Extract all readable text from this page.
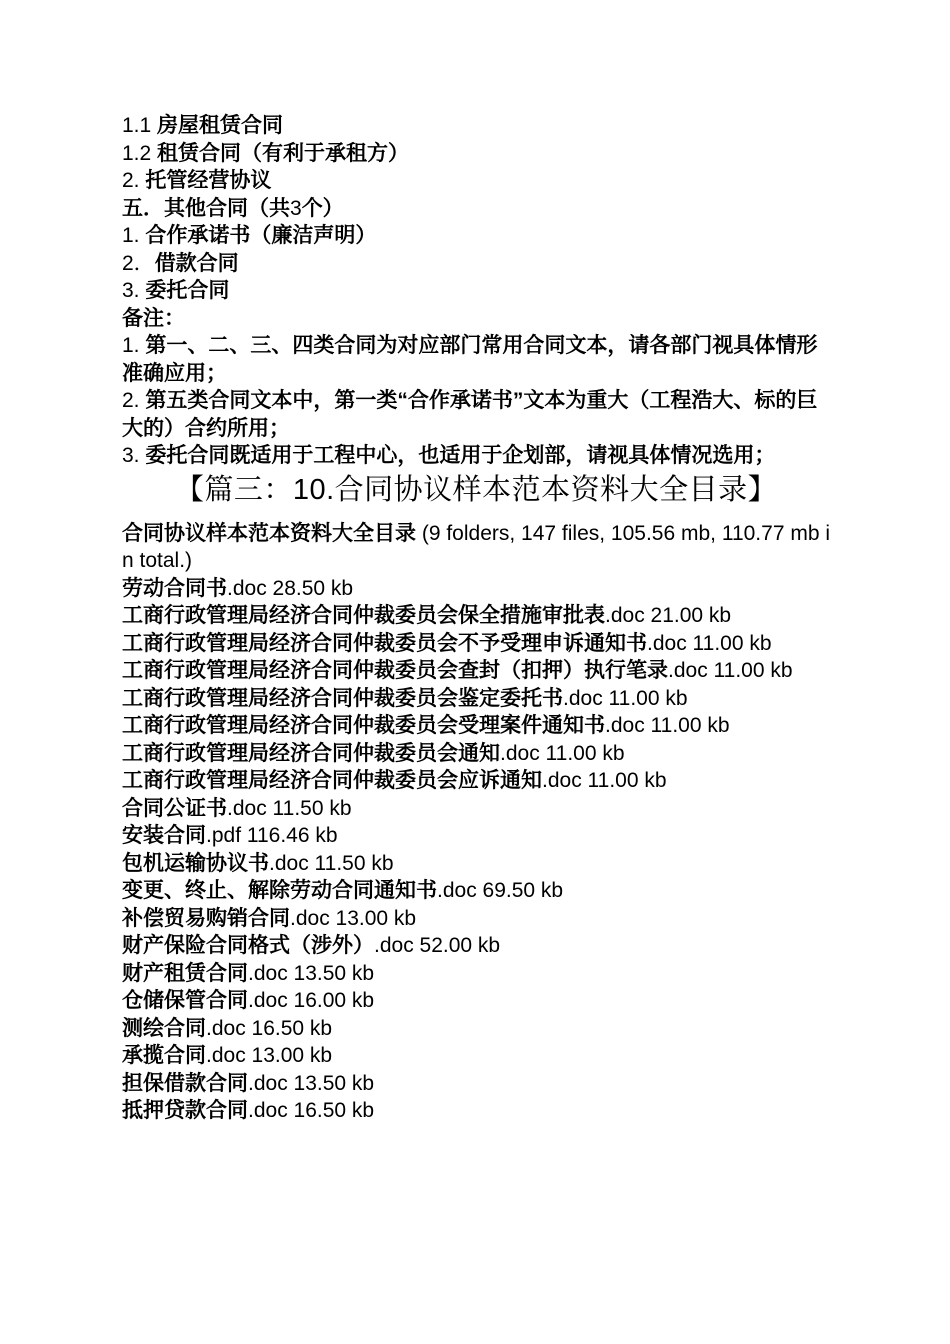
1.1 房屋租赁合同

1.2 租赁合同（有利于承租方）

2. 托管经营协议

五．其他合同（共3个）

1. 合作承诺书（廉洁声明）

2．借款合同

3. 委托合同

备注：

1. 第一、二、三、四类合同为对应部门常用合同文本，请各部门视具体情形准确应用；

2. 第五类合同文本中，第一类“合作承诺书”文本为重大（工程浩大、标的巨大的）合约所用；

3. 委托合同既适用于工程中心，也适用于企划部，请视具体情况选用；

【篇三：10.合同协议样本范本资料大全目录】

合同协议样本范本资料大全目录 (9 folders, 147 files, 105.56 mb, 110.77 mb in total.)

劳动合同书.doc 28.50 kb

工商行政管理局经济合同仲裁委员会保全措施审批表.doc 21.00 kb

工商行政管理局经济合同仲裁委员会不予受理申诉通知书.doc 11.00 kb

工商行政管理局经济合同仲裁委员会查封（扣押）执行笔录.doc 11.00 kb

工商行政管理局经济合同仲裁委员会鉴定委托书.doc 11.00 kb

工商行政管理局经济合同仲裁委员会受理案件通知书.doc 11.00 kb

工商行政管理局经济合同仲裁委员会通知.doc 11.00 kb

工商行政管理局经济合同仲裁委员会应诉通知.doc 11.00 kb

合同公证书.doc 11.50 kb

安装合同.pdf 116.46 kb

包机运输协议书.doc 11.50 kb

变更、终止、解除劳动合同通知书.doc 69.50 kb

补偿贸易购销合同.doc 13.00 kb

财产保险合同格式（涉外）.doc 52.00 kb

财产租赁合同.doc 13.50 kb

仓储保管合同.doc 16.00 kb

测绘合同.doc 16.50 kb

承揽合同.doc 13.00 kb

担保借款合同.doc 13.50 kb

抵押贷款合同.doc 16.50 kb
